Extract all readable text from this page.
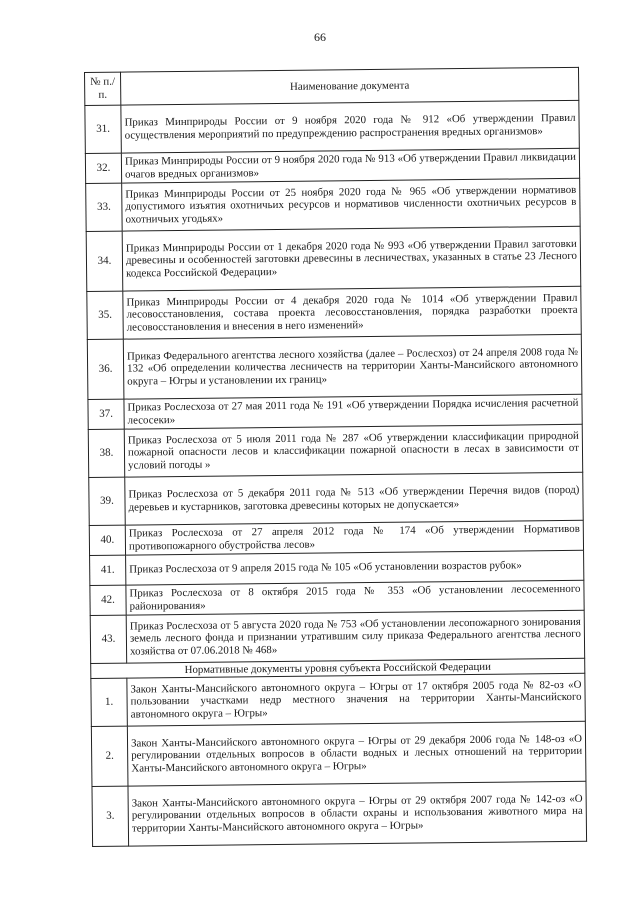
66
№ п./п.	Наименование документа
31.	Приказ Минприроды России от 9 ноября 2020 года № 912 «Об утверждении Правил осуществления мероприятий по предупреждению распространения вредных организмов»
32.	Приказ Минприроды России от 9 ноября 2020 года № 913 «Об утверждении Правил ликвидации очагов вредных организмов»
33.	Приказ Минприроды России от 25 ноября 2020 года № 965 «Об утверждении нормативов допустимого изъятия охотничьих ресурсов и нормативов численности охотничьих ресурсов в охотничьих угодьях»
34.	Приказ Минприроды России от 1 декабря 2020 года № 993 «Об утверждении Правил заготовки древесины и особенностей заготовки древесины в лесничествах, указанных в статье 23 Лесного кодекса Российской Федерации»
35.	Приказ Минприроды России от 4 декабря 2020 года № 1014 «Об утверждении Правил лесовосстановления, состава проекта лесовосстановления, порядка разработки проекта лесовосстановления и внесения в него изменений»
36.	Приказ Федерального агентства лесного хозяйства (далее – Рослесхоз) от 24 апреля 2008 года № 132 «Об определении количества лесничеств на территории Ханты-Мансийского автономного округа – Югры и установлении их границ»
37.	Приказ Рослесхоза от 27 мая 2011 года № 191 «Об утверждении Порядка исчисления расчетной лесосеки»
38.	Приказ Рослесхоза от 5 июля 2011 года № 287 «Об утверждении классификации природной пожарной опасности лесов и классификации пожарной опасности в лесах в зависимости от условий погоды »
39.	Приказ Рослесхоза от 5 декабря 2011 года № 513 «Об утверждении Перечня видов (пород) деревьев и кустарников, заготовка древесины которых не допускается»
40.	Приказ Рослесхоза от 27 апреля 2012 года № 174 «Об утверждении Нормативов противопожарного обустройства лесов»
41.	Приказ Рослесхоза от 9 апреля 2015 года № 105 «Об установлении возрастов рубок»
42.	Приказ Рослесхоза от 8 октября 2015 года № 353 «Об установлении лесосеменного районирования»
43.	Приказ Рослесхоза от 5 августа 2020 года № 753 «Об установлении лесопожарного зонирования земель лесного фонда и признании утратившим силу приказа Федерального агентства лесного хозяйства от 07.06.2018 № 468»
Нормативные документы уровня субъекта Российской Федерации	
1.	Закон Ханты-Мансийского автономного округа – Югры от 17 октября 2005 года № 82-оз «О пользовании участками недр местного значения на территории Ханты-Мансийского автономного округа – Югры»
2.	Закон Ханты-Мансийского автономного округа – Югры от 29 декабря 2006 года № 148-оз «О регулировании отдельных вопросов в области водных и лесных отношений на территории Ханты-Мансийского автономного округа – Югры»
3.	Закон Ханты-Мансийского автономного округа – Югры от 29 октября 2007 года № 142-оз «О регулировании отдельных вопросов в области охраны и использования животного мира на территории Ханты-Мансийского автономного округа – Югры»
